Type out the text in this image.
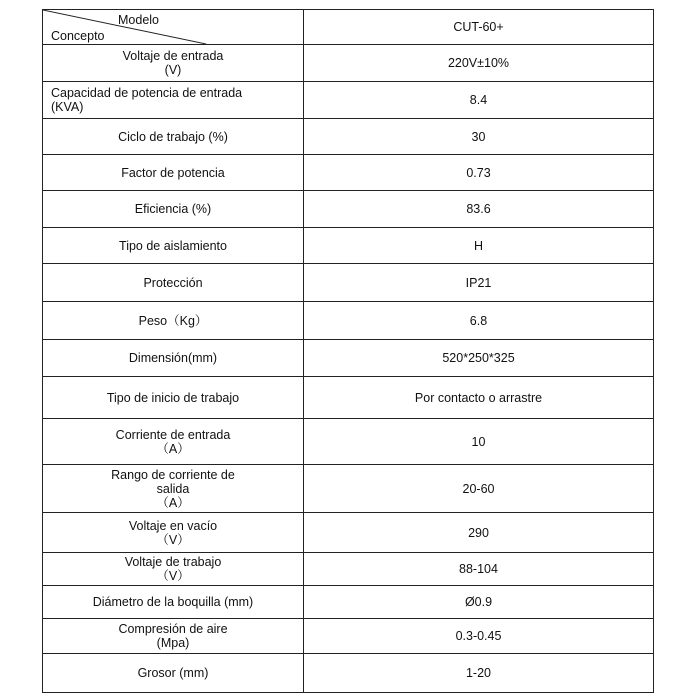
Modelo
Concepto	CUT-60+

Voltaje de entrada
(V)	220V±10%

Capacidad de potencia de entrada
(KVA)	8.4
Ciclo de trabajo (%)	30
Factor de potencia	0.73
Eficiencia (%)	83.6
Tipo de aislamiento	H
Protección	IP21
Peso（Kg）	6.8
Dimensión(mm)	520*250*325
Tipo de inicio de trabajo	Por contacto o arrastre

Corriente de entrada
（A）	10

Rango de corriente de
salida
（A）	20-60

Voltaje en vacío
（V）	290

Voltaje de trabajo
（V）	88-104
Diámetro de la boquilla (mm)	Ø0.9

Compresión de aire
(Mpa)	0.3-0.45
Grosor (mm)	1-20
